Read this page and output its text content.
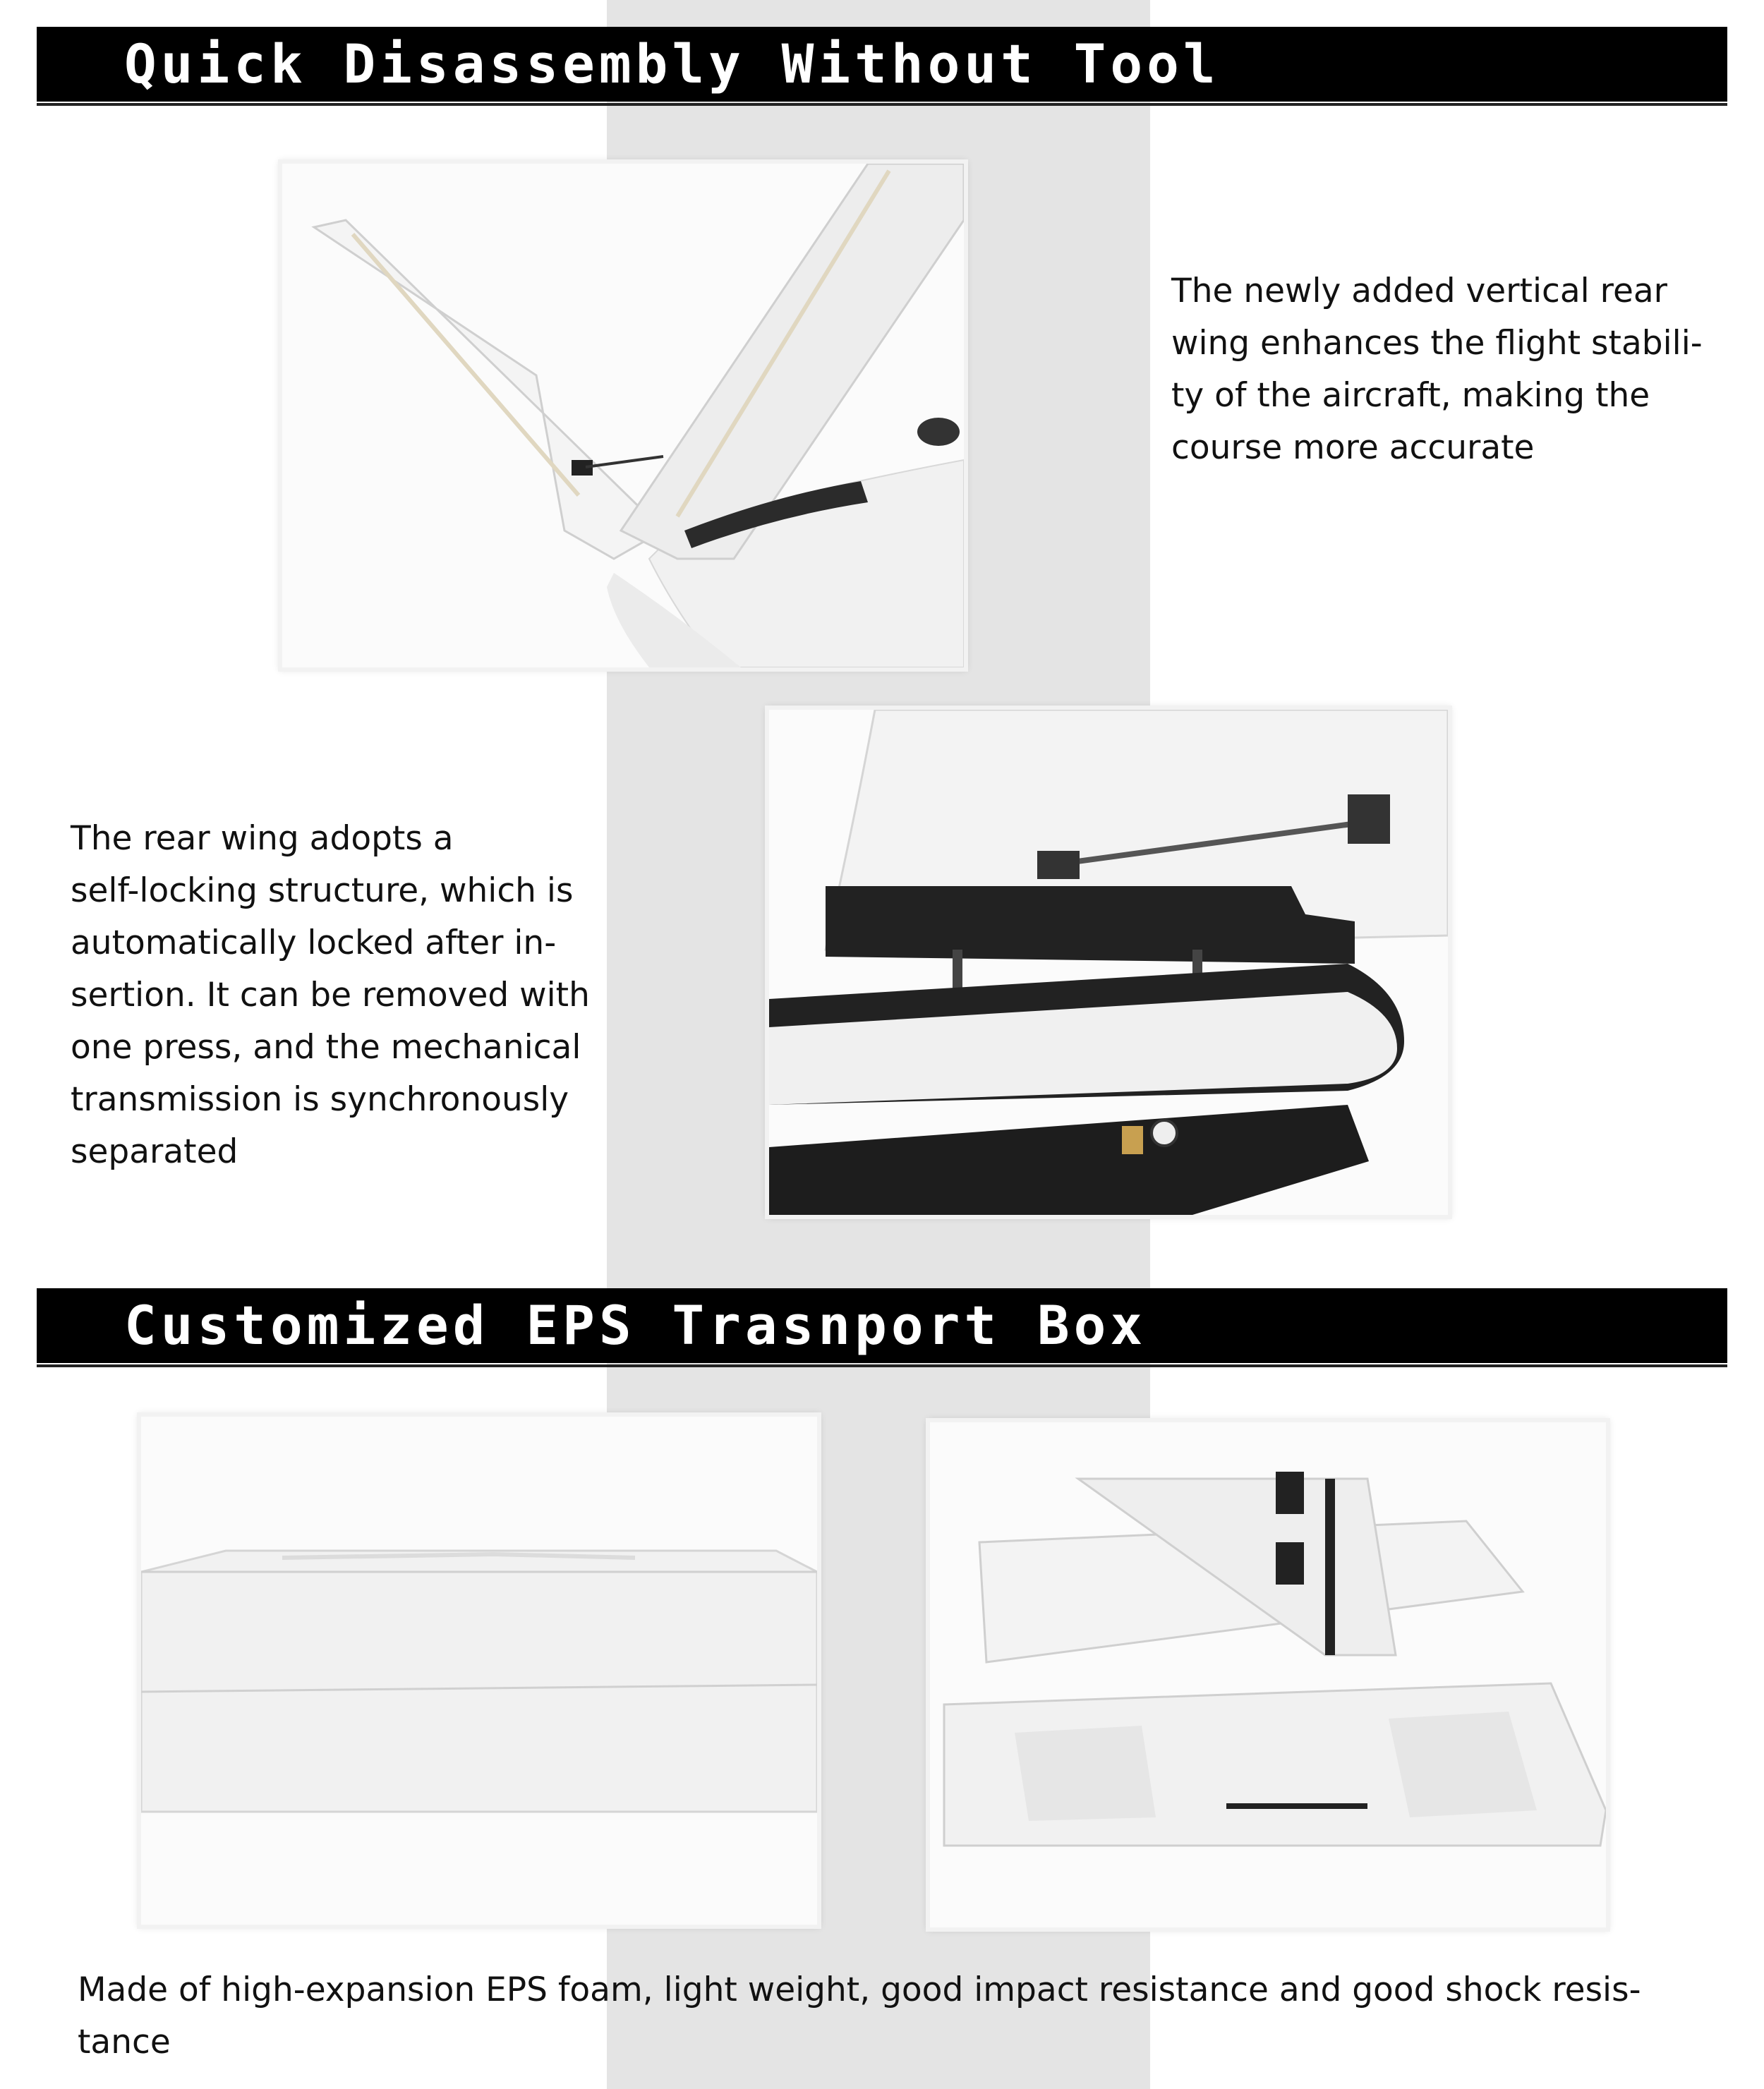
Quick Disassembly Without Tool
The newly added vertical rear
wing enhances the flight stabili-
ty of the aircraft, making the
course more accurate
The rear wing adopts a
self-locking structure, which is
automatically locked after in-
sertion. It can be removed with
one press, and the mechanical
transmission is synchronously
separated
Customized EPS Trasnport Box
Made of high-expansion EPS foam, light weight, good impact resistance and good shock resis-
tance
